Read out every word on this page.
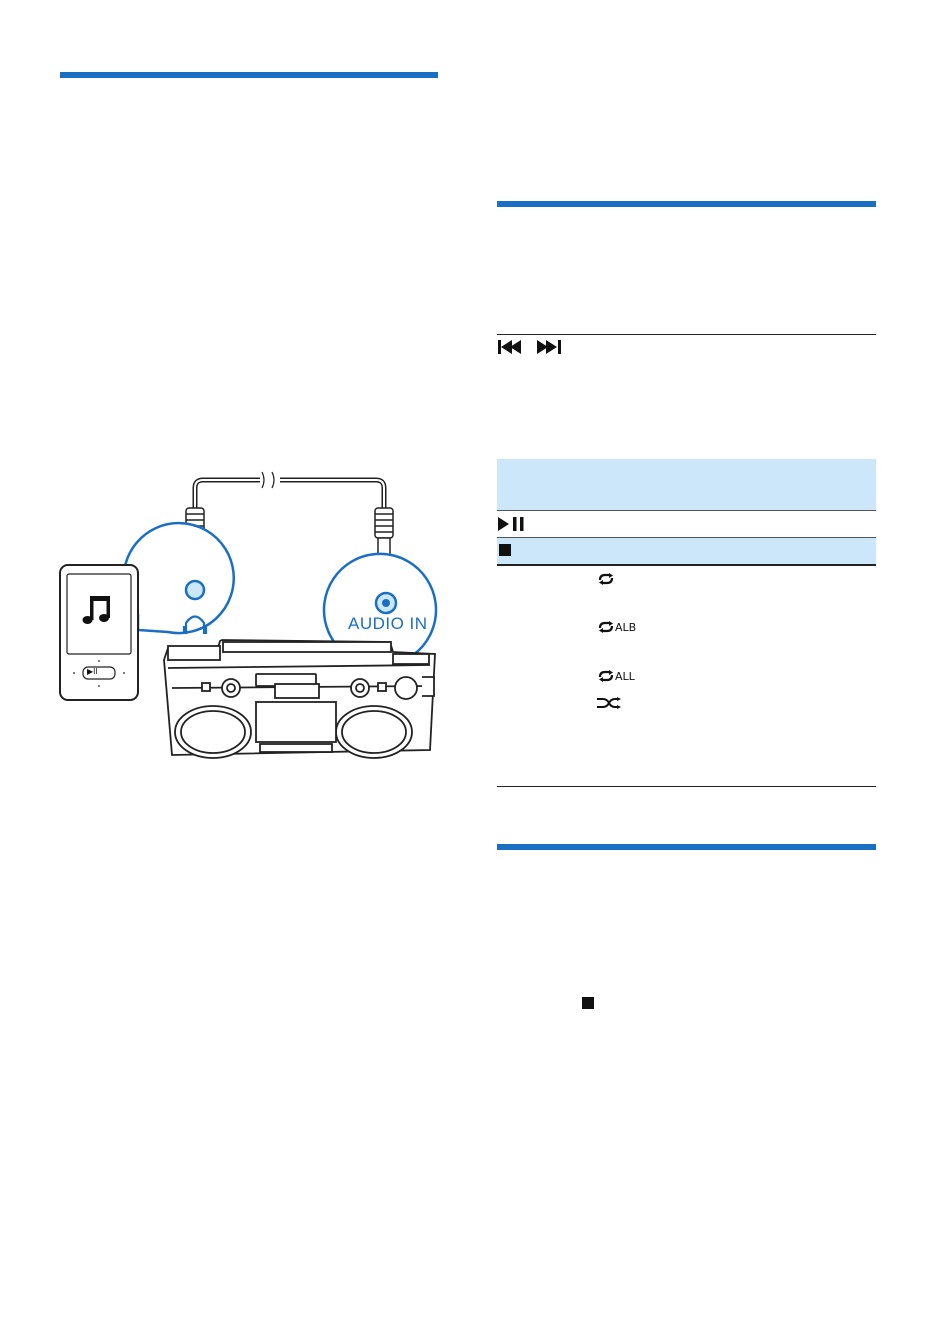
AUDIO IN
▶II
ALB
ALL
